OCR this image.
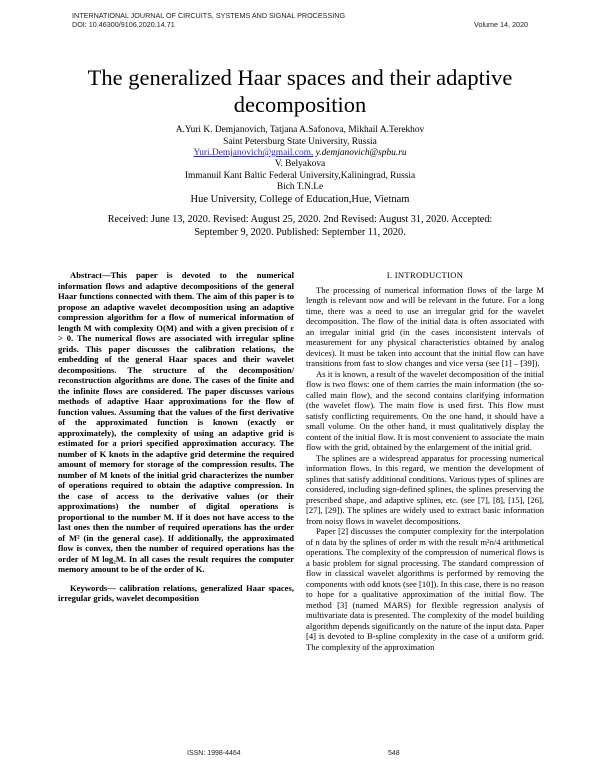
INTERNATIONAL JOURNAL OF CIRCUITS, SYSTEMS AND SIGNAL PROCESSING
DOI: 10.46300/9106.2020.14.71	Volume 14, 2020
The generalized Haar spaces and their adaptive decomposition
A.Yuri K. Demjanovich, Tatjana A.Safonova, Mikhail A.Terekhov
Saint Petersburg State University, Russia
Yuri.Demjanovich@gmail.com, y.demjanovich@spbu.ru
V. Belyakova
Immanuil Kant Baltic Federal University,Kaliningrad, Russia
Bich T.N.Le
Hue University, College of Education,Hue, Vietnam
Received: June 13, 2020. Revised: August 25, 2020. 2nd Revised: August 31, 2020. Accepted:
September 9, 2020. Published: September 11, 2020.

Abstract—This paper is devoted to the numerical information flows and adaptive decompositions of the general Haar functions connected with them. The aim of this paper is to propose an adaptive wavelet decomposition using an adaptive compression algorithm for a flow of numerical information of length M with complexity O(M) and with a given precision of ε > 0. The numerical flows are associated with irregular spline grids. This paper discusses the calibration relations, the embedding of the general Haar spaces and their wavelet decompositions. The structure of the decomposition/ reconstruction algorithms are done. The cases of the finite and the infinite flows are considered. The paper discusses various methods of adaptive Haar approximations for the flow of function values. Assuming that the values of the first derivative of the approximated function is known (exactly or approximately), the complexity of using an adaptive grid is estimated for a priori specified approximation accuracy. The number of K knots in the adaptive grid determine the required amount of memory for storage of the compression results. The number of M knots of the initial grid characterizes the number of operations required to obtain the adaptive compression. In the case of access to the derivative values (or their approximations) the number of digital operations is proportional to the number M. If it does not have access to the last ones then the number of required operations has the order of M² (in the general case). If additionally, the approximated flow is convex, then the number of required operations has the order of M log₂M. In all cases the result requires the computer memory amount to be of the order of K.

Keywords— calibration relations, generalized Haar spaces, irregular grids, wavelet decomposition
I. INTRODUCTION

The processing of numerical information flows of the large M length is relevant now and will be relevant in the future. For a long time, there was a need to use an irregular grid for the wavelet decomposition. The flow of the initial data is often associated with an irregular initial grid (in the cases inconsistent intervals of measurement for any physical characteristics obtained by analog devices). It must be taken into account that the initial flow can have transitions from fast to slow changes and vice versa (see [1] – [39]).

As it is known, a result of the wavelet decomposition of the initial flow is two flows: one of them carries the main information (the so-called main flow), and the second contains clarifying information (the wavelet flow). The main flow is used first. This flow must satisfy conflicting requirements. On the one hand, it should have a small volume. On the other hand, it must qualitatively display the content of the initial flow. It is most convenient to associate the main flow with the grid, obtained by the enlargement of the initial grid.

The splines are a widespread apparatus for processing numerical information flows. In this regard, we mention the development of splines that satisfy additional conditions. Various types of splines are considered, including sign-defined splines, the splines preserving the prescribed shape, and adaptive splines, etc. (see [7], [8], [15], [26], [27], [29]). The splines are widely used to extract basic information from noisy flows in wavelet decompositions.

Paper [2] discusses the computer complexity for the interpolation of n data by the splines of order m with the result m²n/4 arithmetical operations. The complexity of the compression of numerical flows is a basic problem for signal processing. The standard compression of flow in classical wavelet algorithms is performed by removing the components with odd knots (see [10]). In this case, there is no reason to hope for a qualitative approximation of the initial flow. The method [3] (named MARS) for flexible regression analysis of multivariate data is presented. The complexity of the model building algorithm depends significantly on the nature of the input data. Paper [4] is devoted to B-spline complexity in the case of a uniform grid. The complexity of the approximation

ISSN: 1998-4464	548
